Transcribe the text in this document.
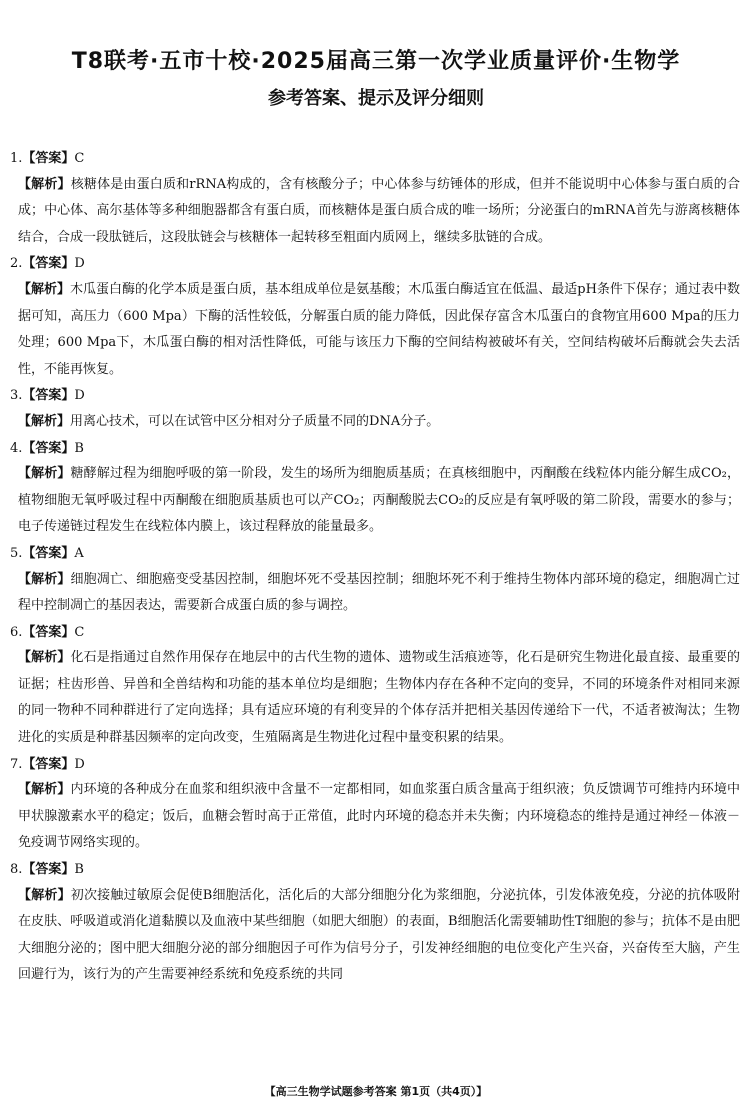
T8联考·五市十校·2025届高三第一次学业质量评价·生物学
参考答案、提示及评分细则
1.【答案】C
【解析】核糖体是由蛋白质和rRNA构成的，含有核酸分子；中心体参与纺锤体的形成，但并不能说明中心体参与蛋白质的合成；中心体、高尔基体等多种细胞器都含有蛋白质，而核糖体是蛋白质合成的唯一场所；分泌蛋白的mRNA首先与游离核糖体结合，合成一段肽链后，这段肽链会与核糖体一起转移至粗面内质网上，继续多肽链的合成。
2.【答案】D
【解析】木瓜蛋白酶的化学本质是蛋白质，基本组成单位是氨基酸；木瓜蛋白酶适宜在低温、最适pH条件下保存；通过表中数据可知，高压力（600 Mpa）下酶的活性较低，分解蛋白质的能力降低，因此保存富含木瓜蛋白的食物宜用600 Mpa的压力处理；600 Mpa下，木瓜蛋白酶的相对活性降低，可能与该压力下酶的空间结构被破坏有关，空间结构破坏后酶就会失去活性，不能再恢复。
3.【答案】D
【解析】用离心技术，可以在试管中区分相对分子质量不同的DNA分子。
4.【答案】B
【解析】糖酵解过程为细胞呼吸的第一阶段，发生的场所为细胞质基质；在真核细胞中，丙酮酸在线粒体内能分解生成CO₂，植物细胞无氧呼吸过程中丙酮酸在细胞质基质也可以产CO₂；丙酮酸脱去CO₂的反应是有氧呼吸的第二阶段，需要水的参与；电子传递链过程发生在线粒体内膜上，该过程释放的能量最多。
5.【答案】A
【解析】细胞凋亡、细胞癌变受基因控制，细胞坏死不受基因控制；细胞坏死不利于维持生物体内部环境的稳定，细胞凋亡过程中控制凋亡的基因表达，需要新合成蛋白质的参与调控。
6.【答案】C
【解析】化石是指通过自然作用保存在地层中的古代生物的遗体、遗物或生活痕迹等，化石是研究生物进化最直接、最重要的证据；柱齿形兽、异兽和全兽结构和功能的基本单位均是细胞；生物体内存在各种不定向的变异，不同的环境条件对相同来源的同一物种不同种群进行了定向选择；具有适应环境的有利变异的个体存活并把相关基因传递给下一代，不适者被淘汰；生物进化的实质是种群基因频率的定向改变，生殖隔离是生物进化过程中量变积累的结果。
7.【答案】D
【解析】内环境的各种成分在血浆和组织液中含量不一定都相同，如血浆蛋白质含量高于组织液；负反馈调节可维持内环境中甲状腺激素水平的稳定；饭后，血糖会暂时高于正常值，此时内环境的稳态并未失衡；内环境稳态的维持是通过神经－体液－免疫调节网络实现的。
8.【答案】B
【解析】初次接触过敏原会促使B细胞活化，活化后的大部分细胞分化为浆细胞，分泌抗体，引发体液免疫，分泌的抗体吸附在皮肤、呼吸道或消化道黏膜以及血液中某些细胞（如肥大细胞）的表面，B细胞活化需要辅助性T细胞的参与；抗体不是由肥大细胞分泌的；图中肥大细胞分泌的部分细胞因子可作为信号分子，引发神经细胞的电位变化产生兴奋，兴奋传至大脑，产生回避行为，该行为的产生需要神经系统和免疫系统的共同
【高三生物学试题参考答案 第1页（共4页）】
